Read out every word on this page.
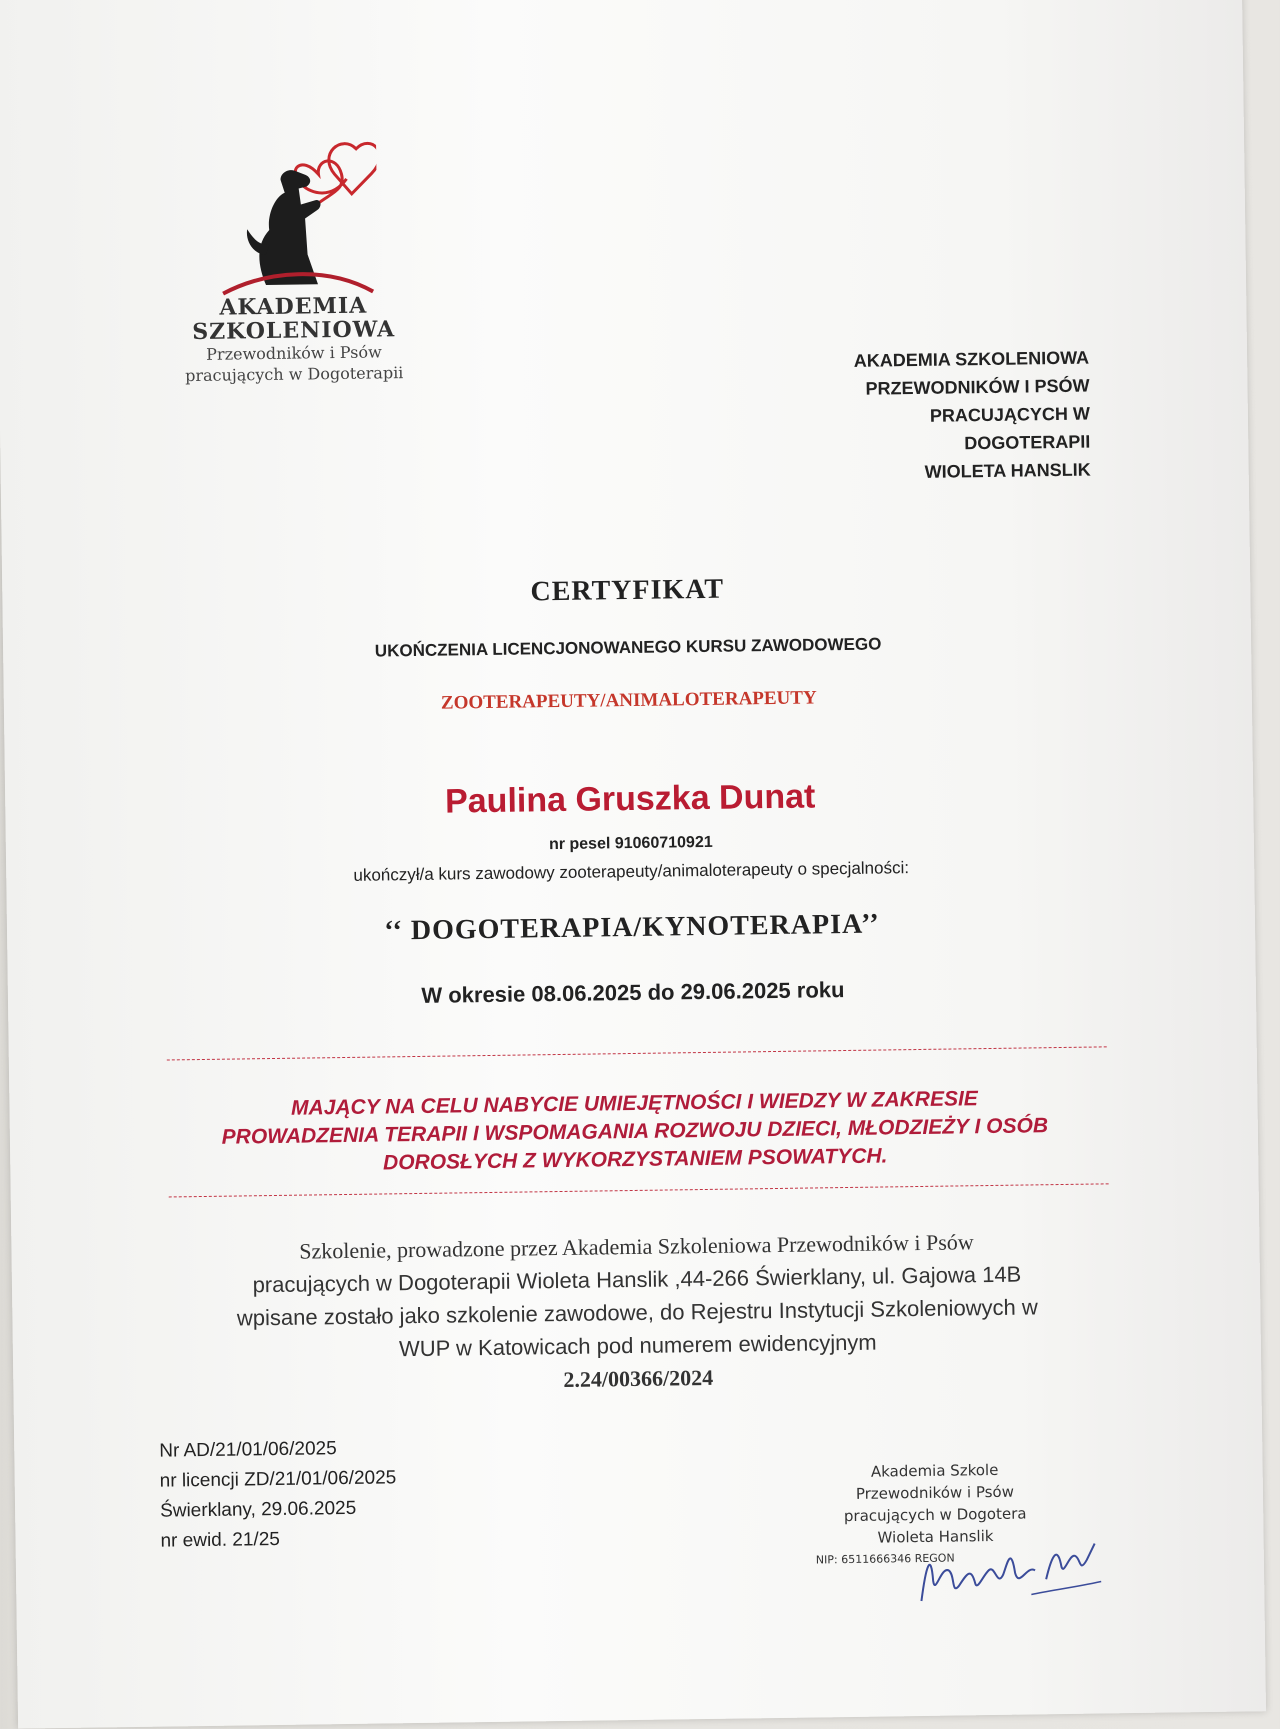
AKADEMIA
SZKOLENIOWA
Przewodników i Psów
pracujących w Dogoterapii
AKADEMIA SZKOLENIOWA
PRZEWODNIKÓW I PSÓW
PRACUJĄCYCH W
DOGOTERAPII
WIOLETA HANSLIK
CERTYFIKAT
UKOŃCZENIA LICENCJONOWANEGO KURSU ZAWODOWEGO
ZOOTERAPEUTY/ANIMALOTERAPEUTY
Paulina Gruszka Dunat
nr pesel 91060710921
ukończył/a kurs zawodowy zooterapeuty/animaloterapeuty o specjalności:
‘‘ DOGOTERAPIA/KYNOTERAPIA’’
W okresie 08.06.2025 do 29.06.2025 roku
MAJĄCY NA CELU NABYCIE UMIEJĘTNOŚCI I WIEDZY W ZAKRESIE
PROWADZENIA TERAPII I WSPOMAGANIA ROZWOJU DZIECI, MŁODZIEŻY I OSÓB
DOROSŁYCH Z WYKORZYSTANIEM PSOWATYCH.
Szkolenie, prowadzone przez Akademia Szkoleniowa Przewodników i Psów
pracujących w Dogoterapii Wioleta Hanslik ,44-266 Świerklany, ul. Gajowa 14B
wpisane zostało jako szkolenie zawodowe, do Rejestru Instytucji Szkoleniowych w
WUP w Katowicach pod numerem ewidencyjnym
2.24/00366/2024
Nr AD/21/01/06/2025
nr licencji ZD/21/01/06/2025
Świerklany, 29.06.2025
nr ewid. 21/25
Akademia Szkole
Przewodników i Psów
pracujących w Dogotera
Wioleta Hanslik
NIP: 6511666346 REGON
